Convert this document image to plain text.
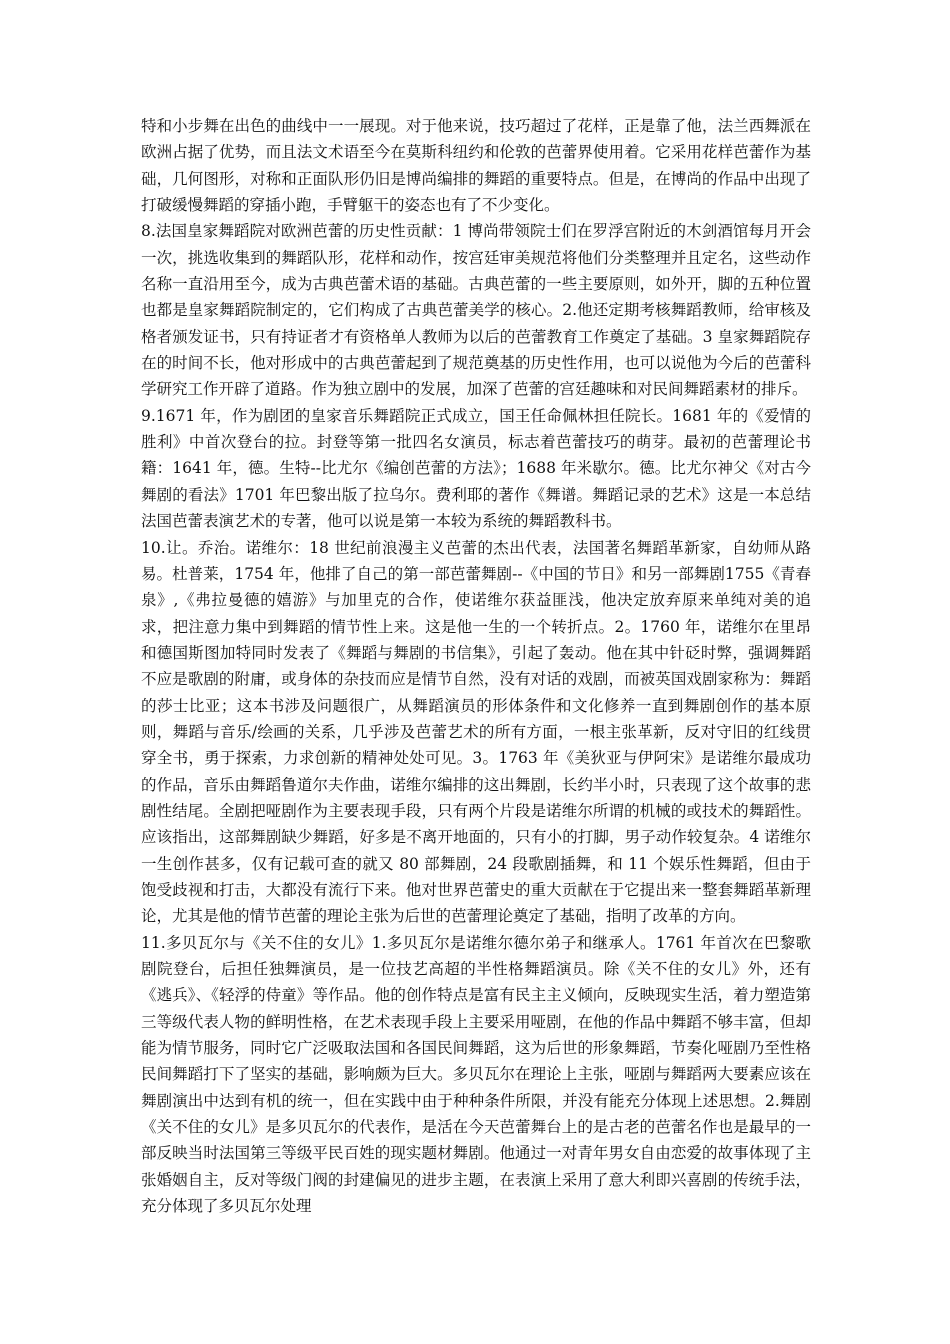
特和小步舞在出色的曲线中一一展现。对于他来说，技巧超过了花样，正是靠了他，法兰西舞派在欧洲占据了优势，而且法文术语至今在莫斯科纽约和伦敦的芭蕾界使用着。它采用花样芭蕾作为基础，几何图形，对称和正面队形仍旧是博尚编排的舞蹈的重要特点。但是，在博尚的作品中出现了打破缓慢舞蹈的穿插小跑，手臂躯干的姿态也有了不少变化。

8.法国皇家舞蹈院对欧洲芭蕾的历史性贡献：1 博尚带领院士们在罗浮宫附近的木剑酒馆每月开会一次，挑选收集到的舞蹈队形，花样和动作，按宫廷审美规范将他们分类整理并且定名，这些动作名称一直沿用至今，成为古典芭蕾术语的基础。古典芭蕾的一些主要原则，如外开，脚的五种位置也都是皇家舞蹈院制定的，它们构成了古典芭蕾美学的核心。2.他还定期考核舞蹈教师，给审核及格者颁发证书，只有持证者才有资格单人教师为以后的芭蕾教育工作奠定了基础。3 皇家舞蹈院存在的时间不长，他对形成中的古典芭蕾起到了规范奠基的历史性作用，也可以说他为今后的芭蕾科学研究工作开辟了道路。作为独立剧中的发展，加深了芭蕾的宫廷趣味和对民间舞蹈素材的排斥。

9.1671 年，作为剧团的皇家音乐舞蹈院正式成立，国王任命佩林担任院长。1681 年的《爱情的胜利》中首次登台的拉。封登等第一批四名女演员，标志着芭蕾技巧的萌芽。最初的芭蕾理论书籍：1641 年，德。生特--比尤尔《编创芭蕾的方法》；1688 年米歇尔。德。比尤尔神父《对古今舞剧的看法》1701 年巴黎出版了拉乌尔。费利耶的著作《舞谱。舞蹈记录的艺术》这是一本总结法国芭蕾表演艺术的专著，他可以说是第一本较为系统的舞蹈教科书。

10.让。乔治。诺维尔：18 世纪前浪漫主义芭蕾的杰出代表，法国著名舞蹈革新家，自幼师从路易。杜普莱，1754 年，他排了自己的第一部芭蕾舞剧--《中国的节日》和另一部舞剧1755《青春泉》,《弗拉曼德的嬉游》与加里克的合作，使诺维尔获益匪浅，他决定放弃原来单纯对美的追求，把注意力集中到舞蹈的情节性上来。这是他一生的一个转折点。2。1760 年，诺维尔在里昂和德国斯图加特同时发表了《舞蹈与舞剧的书信集》，引起了轰动。他在其中针砭时弊，强调舞蹈不应是歌剧的附庸，或身体的杂技而应是情节自然，没有对话的戏剧，而被英国戏剧家称为：舞蹈的莎士比亚；这本书涉及问题很广，从舞蹈演员的形体条件和文化修养一直到舞剧创作的基本原则，舞蹈与音乐/绘画的关系，几乎涉及芭蕾艺术的所有方面，一根主张革新，反对守旧的红线贯穿全书，勇于探索，力求创新的精神处处可见。3。1763 年《美狄亚与伊阿宋》是诺维尔最成功的作品，音乐由舞蹈鲁道尔夫作曲，诺维尔编排的这出舞剧，长约半小时，只表现了这个故事的悲剧性结尾。全剧把哑剧作为主要表现手段，只有两个片段是诺维尔所谓的机械的或技术的舞蹈性。应该指出，这部舞剧缺少舞蹈，好多是不离开地面的，只有小的打脚，男子动作较复杂。4 诺维尔一生创作甚多，仅有记载可查的就又 80 部舞剧，24 段歌剧插舞，和 11 个娱乐性舞蹈，但由于饱受歧视和打击，大都没有流行下来。他对世界芭蕾史的重大贡献在于它提出来一整套舞蹈革新理论，尤其是他的情节芭蕾的理论主张为后世的芭蕾理论奠定了基础，指明了改革的方向。

11.多贝瓦尔与《关不住的女儿》1.多贝瓦尔是诺维尔德尔弟子和继承人。1761 年首次在巴黎歌剧院登台，后担任独舞演员，是一位技艺高超的半性格舞蹈演员。除《关不住的女儿》外，还有《逃兵》、《轻浮的侍童》等作品。他的创作特点是富有民主主义倾向，反映现实生活，着力塑造第三等级代表人物的鲜明性格，在艺术表现手段上主要采用哑剧，在他的作品中舞蹈不够丰富，但却能为情节服务，同时它广泛吸取法国和各国民间舞蹈，这为后世的形象舞蹈，节奏化哑剧乃至性格民间舞蹈打下了坚实的基础，影响颇为巨大。多贝瓦尔在理论上主张，哑剧与舞蹈两大要素应该在舞剧演出中达到有机的统一，但在实践中由于种种条件所限，并没有能充分体现上述思想。2.舞剧《关不住的女儿》是多贝瓦尔的代表作，是活在今天芭蕾舞台上的是古老的芭蕾名作也是最早的一部反映当时法国第三等级平民百姓的现实题材舞剧。他通过一对青年男女自由恋爱的故事体现了主张婚姻自主，反对等级门阀的封建偏见的进步主题，在表演上采用了意大利即兴喜剧的传统手法，充分体现了多贝瓦尔处理
